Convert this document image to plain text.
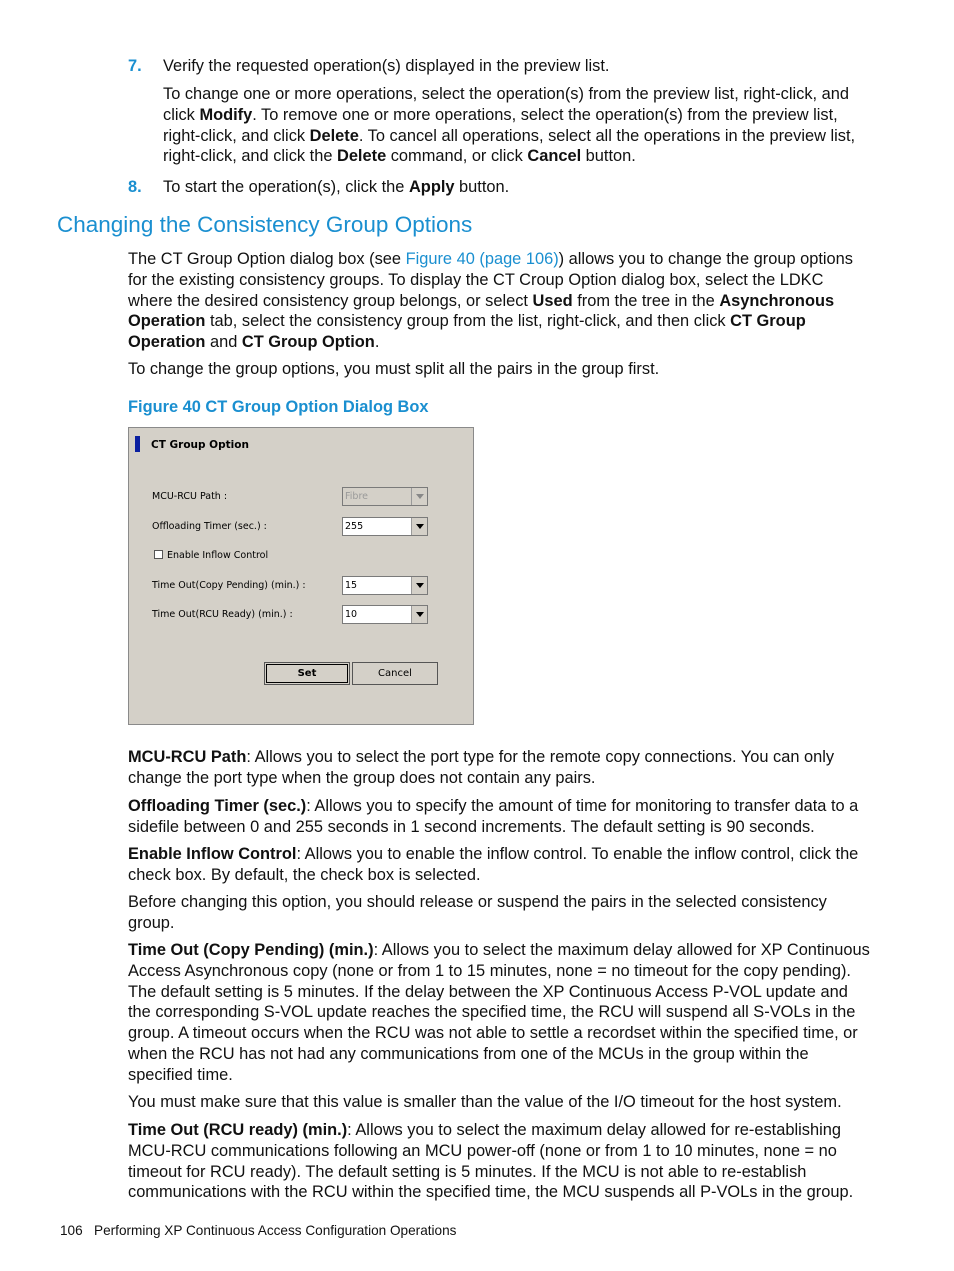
7. Verify the requested operation(s) displayed in the preview list.

To change one or more operations, select the operation(s) from the preview list, right-click, and click Modify. To remove one or more operations, select the operation(s) from the preview list, right-click, and click Delete. To cancel all operations, select all the operations in the preview list, right-click, and click the Delete command, or click Cancel button.

8. To start the operation(s), click the Apply button.

Changing the Consistency Group Options

The CT Group Option dialog box (see Figure 40 (page 106)) allows you to change the group options for the existing consistency groups. To display the CT Croup Option dialog box, select the LDKC where the desired consistency group belongs, or select Used from the tree in the Asynchronous Operation tab, select the consistency group from the list, right-click, and then click CT Group Operation and CT Group Option.

To change the group options, you must split all the pairs in the group first.

Figure 40 CT Group Option Dialog Box
CT Group Option
MCU-RCU Path :	Fibre
Offloading Timer (sec.) :	255
Enable Inflow Control
Time Out(Copy Pending) (min.) :	15
Time Out(RCU Ready) (min.) :	10
Set	Cancel

MCU-RCU Path: Allows you to select the port type for the remote copy connections. You can only change the port type when the group does not contain any pairs.

Offloading Timer (sec.): Allows you to specify the amount of time for monitoring to transfer data to a sidefile between 0 and 255 seconds in 1 second increments. The default setting is 90 seconds.

Enable Inflow Control: Allows you to enable the inflow control. To enable the inflow control, click the check box. By default, the check box is selected.

Before changing this option, you should release or suspend the pairs in the selected consistency group.

Time Out (Copy Pending) (min.): Allows you to select the maximum delay allowed for XP Continuous Access Asynchronous copy (none or from 1 to 15 minutes, none = no timeout for the copy pending). The default setting is 5 minutes. If the delay between the XP Continuous Access P-VOL update and the corresponding S-VOL update reaches the specified time, the RCU will suspend all S-VOLs in the group. A timeout occurs when the RCU was not able to settle a recordset within the specified time, or when the RCU has not had any communications from one of the MCUs in the group within the specified time.

You must make sure that this value is smaller than the value of the I/O timeout for the host system.

Time Out (RCU ready) (min.): Allows you to select the maximum delay allowed for re-establishing MCU-RCU communications following an MCU power-off (none or from 1 to 10 minutes, none = no timeout for RCU ready). The default setting is 5 minutes. If the MCU is not able to re-establish communications with the RCU within the specified time, the MCU suspends all P-VOLs in the group.

106 Performing XP Continuous Access Configuration Operations
